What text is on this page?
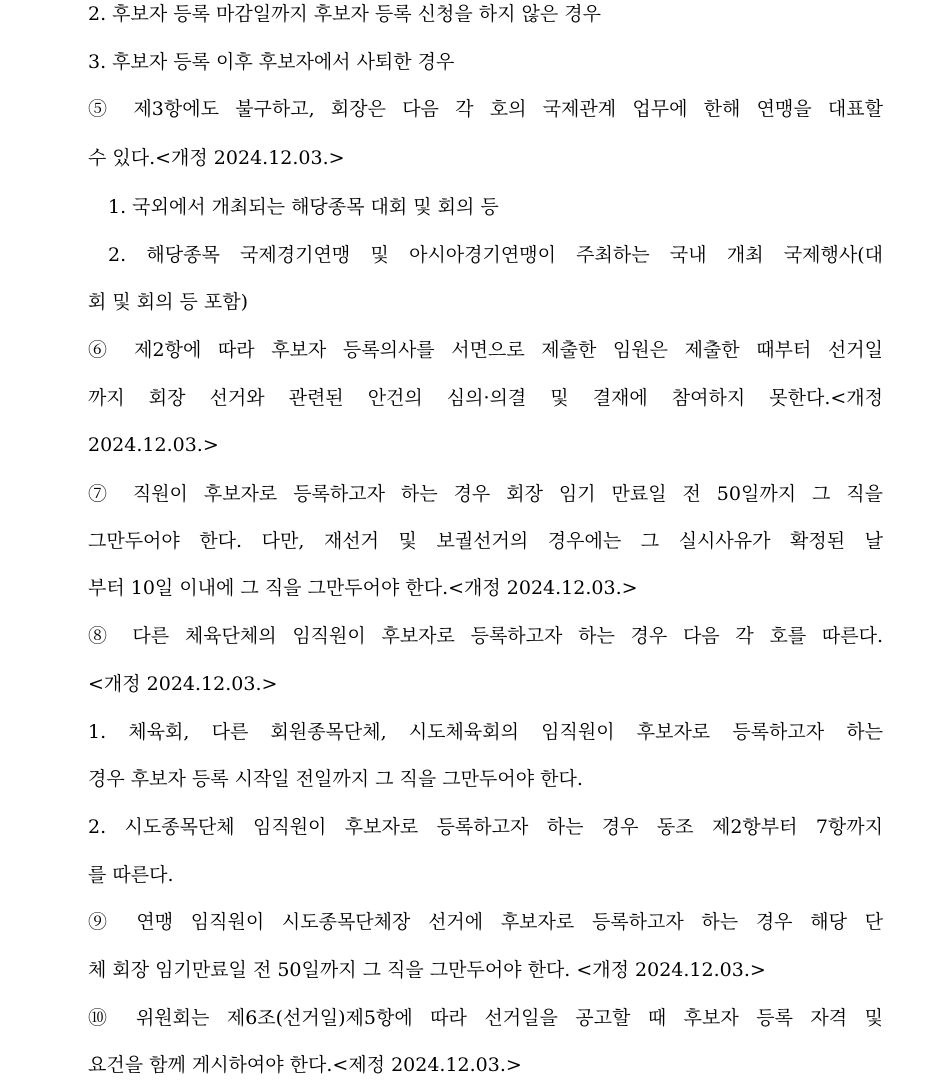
2. 후보자 등록 마감일까지 후보자 등록 신청을 하지 않은 경우

3. 후보자 등록 이후 후보자에서 사퇴한 경우

⑤ 제3항에도 불구하고, 회장은 다음 각 호의 국제관계 업무에 한해 연맹을 대표할

수 있다.<개정 2024.12.03.>

1. 국외에서 개최되는 해당종목 대회 및 회의 등

2. 해당종목 국제경기연맹 및 아시아경기연맹이 주최하는 국내 개최 국제행사(대

회 및 회의 등 포함)

⑥ 제2항에 따라 후보자 등록의사를 서면으로 제출한 임원은 제출한 때부터 선거일

까지 회장 선거와 관련된 안건의 심의·의결 및 결재에 참여하지 못한다.<개정

2024.12.03.>

⑦ 직원이 후보자로 등록하고자 하는 경우 회장 임기 만료일 전 50일까지 그 직을

그만두어야 한다. 다만, 재선거 및 보궐선거의 경우에는 그 실시사유가 확정된 날

부터 10일 이내에 그 직을 그만두어야 한다.<개정 2024.12.03.>

⑧ 다른 체육단체의 임직원이 후보자로 등록하고자 하는 경우 다음 각 호를 따른다.

<개정 2024.12.03.>

1. 체육회, 다른 회원종목단체, 시도체육회의 임직원이 후보자로 등록하고자 하는

경우 후보자 등록 시작일 전일까지 그 직을 그만두어야 한다.

2. 시도종목단체 임직원이 후보자로 등록하고자 하는 경우 동조 제2항부터 7항까지

를 따른다.

⑨ 연맹 임직원이 시도종목단체장 선거에 후보자로 등록하고자 하는 경우 해당 단

체 회장 임기만료일 전 50일까지 그 직을 그만두어야 한다. <개정 2024.12.03.>

⑩ 위원회는 제6조(선거일)제5항에 따라 선거일을 공고할 때 후보자 등록 자격 및

요건을 함께 게시하여야 한다.<제정 2024.12.03.>
